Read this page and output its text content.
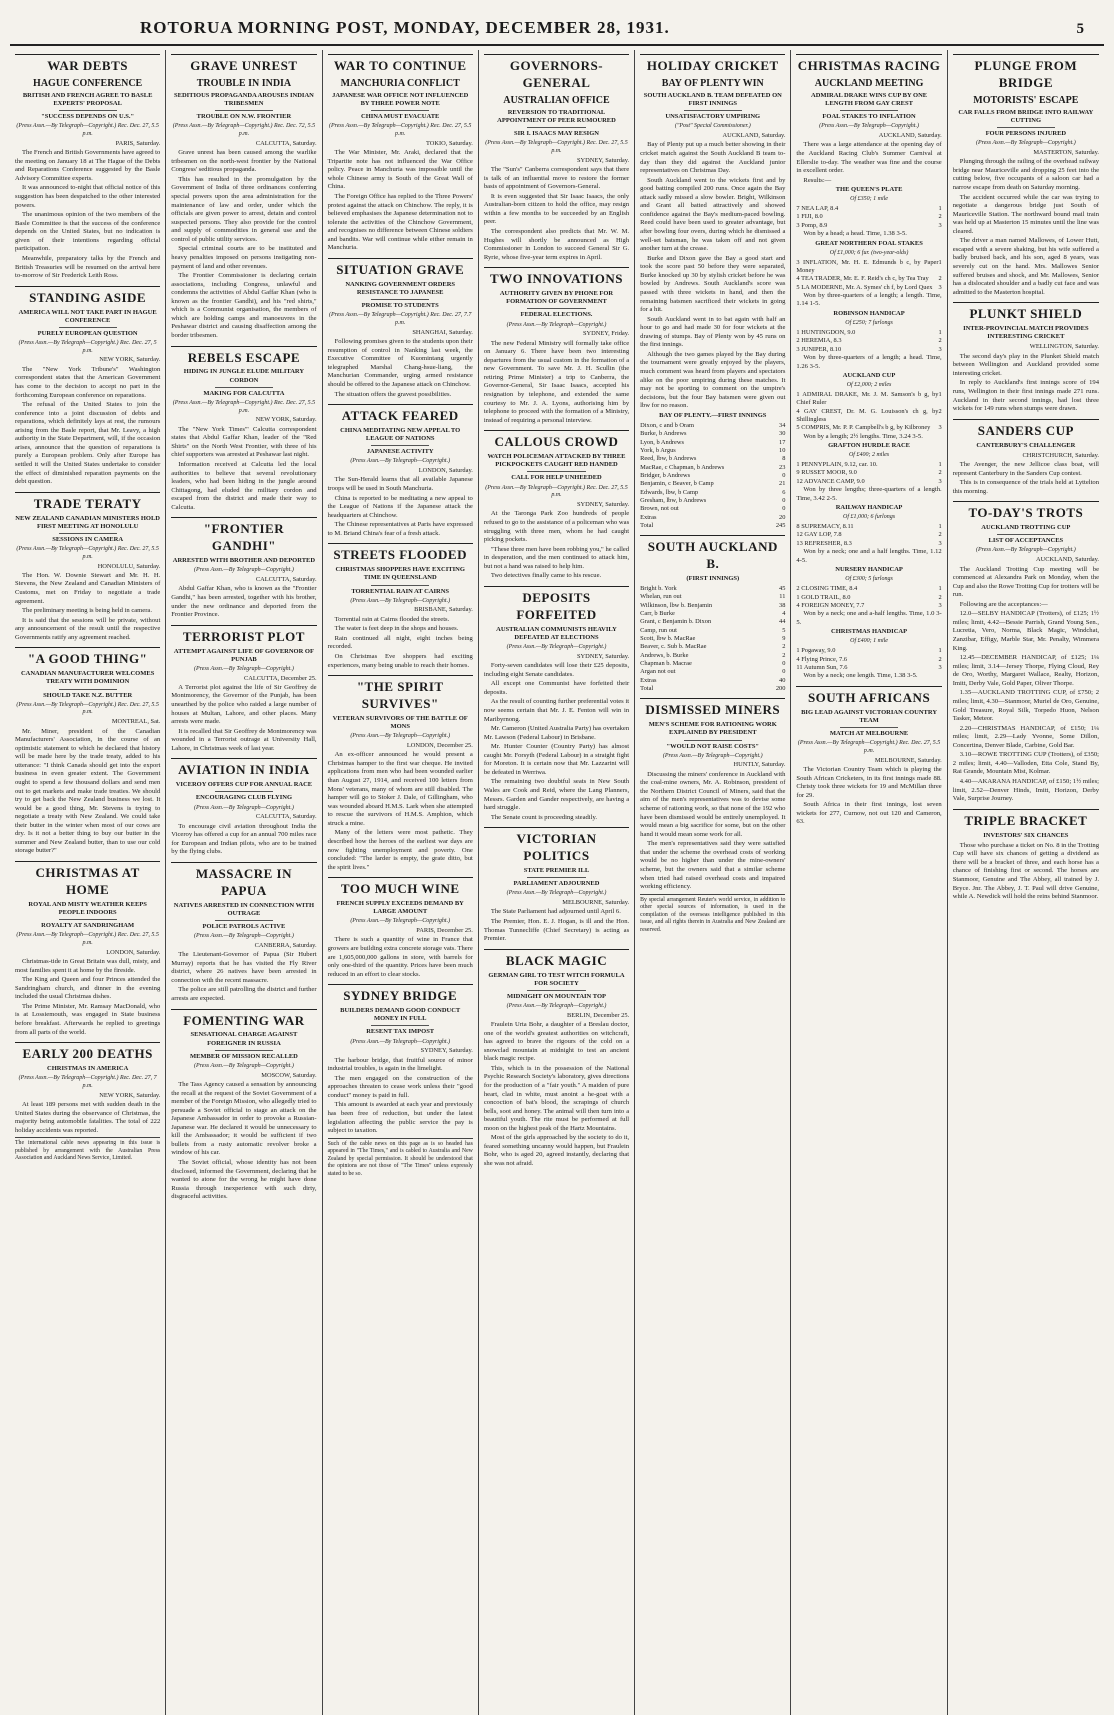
ROTORUA MORNING POST, MONDAY, DECEMBER 28, 1931.	5
WAR DEBTS
HAGUE CONFERENCE
BRITISH AND FRENCH AGREE TO BASLE EXPERTS' PROPOSAL
"SUCCESS DEPENDS ON U.S."
(Press Assn.—By Telegraph—Copyright.) Rec. Dec. 27, 5.5 p.m.
PARIS, Saturday.

The French and British Governments have agreed to the meeting on January 18 at The Hague of the Debts and Reparations Conference suggested by the Basle Advisory Committee experts.

It was announced to-night that official notice of this suggestion has been despatched to the other interested powers.

The unanimous opinion of the two members of the Basle Committee is that the success of the conference depends on the United States, but no indication is given of their intentions regarding official participation.

Meanwhile, preparatory talks by the French and British Treasuries will be resumed on the arrival here to-morrow of Sir Frederick Leith Ross.

STANDING ASIDE
AMERICA WILL NOT TAKE PART IN HAGUE CONFERENCE
PURELY EUROPEAN QUESTION
(Press Assn.—By Telegraph—Copyright.) Rec. Dec. 27, 5 p.m.
NEW YORK, Saturday.

The "New York Tribune's" Washington correspondent states that the American Government has come to the decision to accept no part in the forthcoming European conference on reparations.

The refusal of the United States to join the conference into a joint discussion of debts and reparations, which definitely lays at rest, the rumours arising from the Basle report, that Mr. Leavy, a high authority in the State Department, will, if the occasion arises, announce that the question of reparations is purely a European problem. Only after Europe has settled it will the United States undertake to consider the effect of diminished reparation payments on the debt question.

TRADE TERATY
NEW ZEALAND CANADIAN MINISTERS HOLD FIRST MEETING AT HONOLULU
SESSIONS IN CAMERA
(Press Assn.—By Telegraph—Copyright.) Rec. Dec. 27, 5.5 p.m.
HONOLULU, Saturday.

The Hon. W. Downie Stewart and Mr. H. H. Stevens, the New Zealand and Canadian Ministers of Customs, met on Friday to negotiate a trade agreement.

The preliminary meeting is being held in camera.

It is said that the sessions will be private, without any announcement of the result until the respective Governments ratify any agreement reached.

"A GOOD THING"
CANADIAN MANUFACTURER WELCOMES TREATY WITH DOMINION
SHOULD TAKE N.Z. BUTTER
(Press Assn.—By Telegraph—Copyright.) Rec. Dec. 27, 5.5 p.m.
MONTREAL, Sat.

Mr. Miner, president of the Canadian Manufacturers' Association, in the course of an optimistic statement to which he declared that history will be made here by the trade treaty, added to his utterance: "I think Canada should get into the export business in even greater extent. The Government ought to spend a few thousand dollars and send men out to get markets and make trade treaties. We should try to get back the New Zealand business we lost. It would be a good thing, Mr. Stevens is trying to negotiate a treaty with New Zealand. We could take their butter in the winter when most of our cows are dry. Is it not a better thing to buy our butter in the summer and New Zealand butter, than to use our cold storage butter?"

CHRISTMAS AT HOME
ROYAL AND MISTY WEATHER KEEPS PEOPLE INDOORS
ROYALTY AT SANDRINGHAM
(Press Assn.—By Telegraph—Copyright.) Rec. Dec. 27, 5.5 p.m.
LONDON, Saturday.

Christmas-tide in Great Britain was dull, misty, and most families spent it at home by the fireside.

The King and Queen and four Princes attended the Sandringham church, and dinner in the evening included the usual Christmas dishes.

The Prime Minister, Mr. Ramsay MacDonald, who is at Lossiemouth, was engaged in State business before breakfast. Afterwards he replied to greetings from all parts of the world.

EARLY 200 DEATHS
CHRISTMAS IN AMERICA
(Press Assn.—By Telegraph—Copyright.) Rec. Dec. 27, 7 p.m.
NEW YORK, Saturday.

At least 189 persons met with sudden death in the United States during the observance of Christmas, the majority being automobile fatalities. The total of 222 holiday accidents was reported.

The international cable news appearing in this issue is published by arrangement with the Australian Press Association and Auckland News Service, Limited.
GRAVE UNREST
TROUBLE IN INDIA
SEDITIOUS PROPAGANDA AROUSES INDIAN TRIBESMEN
TROUBLE ON N.W. FRONTIER
(Press Assn.—By Telegraph—Copyright.) Rec. Dec. 72, 5.5 p.m.
CALCUTTA, Saturday.

Grave unrest has been caused among the warlike tribesmen on the north-west frontier by the National Congress' seditious propaganda.

This has resulted in the promulgation by the Government of India of three ordinances conferring special powers upon the area administration for the maintenance of law and order, under which the officials are given power to arrest, detain and control suspected persons. They also provide for the control and supply of commodities in general use and the control of public utility services.

Special criminal courts are to be instituted and heavy penalties imposed on persons instigating non-payment of land and other revenues.

The Frontier Commissioner is declaring certain associations, including Congress, unlawful and condemns the activities of Abdul Gaffar Khan (who is known as the frontier Gandhi), and his "red shirts," which is a Communist organisation, the members of which are holding camps and manoeuvres in the Peshawar district and causing disaffection among the border tribesmen.

REBELS ESCAPE
HIDING IN JUNGLE ELUDE MILITARY CORDON
MAKING FOR CALCUTTA
(Press Assn.—By Telegraph—Copyright.) Rec. Dec. 27, 5.5 p.m.
NEW YORK, Saturday.

The "New York Times'" Calcutta correspondent states that Abdul Gaffar Khan, leader of the "Red Shirts" on the North West Frontier, with three of his chief supporters was arrested at Peshawar last night.

Information received at Calcutta led the local authorities to believe that several revolutionary leaders, who had been hiding in the jungle around Chittagong, had eluded the military cordon and escaped from the district and made their way to Calcutta.

"FRONTIER GANDHI"
ARRESTED WITH BROTHER AND DEPORTED
(Press Assn.—By Telegraph—Copyright.)
CALCUTTA, Saturday.

Abdul Gaffar Khan, who is known as the "Frontier Gandhi," has been arrested, together with his brother, under the new ordinance and deported from the Frontier Province.

TERRORIST PLOT
ATTEMPT AGAINST LIFE OF GOVERNOR OF PUNJAB
(Press Assn.—By Telegraph—Copyright.)
CALCUTTA, December 25.

A Terrorist plot against the life of Sir Geoffrey de Montmorency, the Governor of the Punjab, has been unearthed by the police who raided a large number of houses at Multan, Lahore, and other places. Many arrests were made.

It is recalled that Sir Geoffrey de Montmorency was wounded in a Terrorist outrage at University Hall, Lahore, in Christmas week of last year.

AVIATION IN INDIA
VICEROY OFFERS CUP FOR ANNUAL RACE
ENCOURAGING CLUB FLYING
(Press Assn.—By Telegraph—Copyright.)
CALCUTTA, Saturday.

To encourage civil aviation throughout India the Viceroy has offered a cup for an annual 700 miles race for European and Indian pilots, who are to be trained by the flying clubs.

MASSACRE IN PAPUA
NATIVES ARRESTED IN CONNECTION WITH OUTRAGE
POLICE PATROLS ACTIVE
(Press Assn.—By Telegraph—Copyright.)
CANBERRA, Saturday.

The Lieutenant-Governor of Papua (Sir Hubert Murray) reports that he has visited the Fly River district, where 26 natives have been arrested in connection with the recent massacre.

The police are still patrolling the district and further arrests are expected.

FOMENTING WAR
SENSATIONAL CHARGE AGAINST FOREIGNER IN RUSSIA
MEMBER OF MISSION RECALLED
(Press Assn.—By Telegraph—Copyright.)
MOSCOW, Saturday.

The Tass Agency caused a sensation by announcing the recall at the request of the Soviet Government of a member of the Foreign Mission, who allegedly tried to persuade a Soviet official to stage an attack on the Japanese Ambassador in order to provoke a Russian-Japanese war. He declared it would be unnecessary to kill the Ambassador; it would be sufficient if two bullets from a rusty automatic revolver broke a window of his car.

The Soviet official, whose identity has not been disclosed, informed the Government, declaring that he wanted to atone for the wrong he might have done Russia through inexperience with such dirty, disgraceful activities.

WAR TO CONTINUE
MANCHURIA CONFLICT
JAPANESE WAR OFFICE NOT INFLUENCED BY THREE POWER NOTE
CHINA MUST EVACUATE
(Press Assn.—By Telegraph—Copyright.) Rec. Dec. 27, 5.5 p.m.
TOKIO, Saturday.

The War Minister, Mr. Araki, declared that the Tripartite note has not influenced the War Office policy. Peace in Manchuria was impossible until the whole Chinese army is South of the Great Wall of China.

The Foreign Office has replied to the Three Powers' protest against the attack on Chinchow. The reply, it is believed emphasises the Japanese determination not to tolerate the activities of the Chinchow Government, and recognises no difference between Chinese soldiers and bandits. War will continue while either remain in Manchuria.

SITUATION GRAVE
NANKING GOVERNMENT ORDERS RESISTANCE TO JAPANESE
PROMISE TO STUDENTS
(Press Assn.—By Telegraph—Copyright.) Rec. Dec. 27, 7.7 p.m.
SHANGHAI, Saturday.

Following promises given to the students upon their resumption of control in Nanking last week, the Executive Committee of Kuomintang urgently telegraphed Marshal Chang-hsue-liang, the Manchurian Commander, urging armed resistance should be offered to the Japanese attack on Chinchow.

The situation offers the gravest possibilities.

ATTACK FEARED
CHINA MEDITATING NEW APPEAL TO LEAGUE OF NATIONS
JAPANESE ACTIVITY
(Press Assn.—By Telegraph—Copyright.)
LONDON, Saturday.

The Sun-Herald learns that all available Japanese troops will be used in South Manchuria.

China is reported to be meditating a new appeal to the League of Nations if the Japanese attack the headquarters at Chinchow.

The Chinese representatives at Paris have expressed to M. Briand China's fear of a fresh attack.

STREETS FLOODED
CHRISTMAS SHOPPERS HAVE EXCITING TIME IN QUEENSLAND
TORRENTIAL RAIN AT CAIRNS
(Press Assn.—By Telegraph—Copyright.)
BRISBANE, Saturday.

Torrential rain at Cairns flooded the streets.

The water is feet deep in the shops and houses.

Rain continued all night, eight inches being recorded.

On Christmas Eve shoppers had exciting experiences, many being unable to reach their homes.

"THE SPIRIT SURVIVES"
VETERAN SURVIVORS OF THE BATTLE OF MONS
(Press Assn.—By Telegraph—Copyright.)
LONDON, December 25.

An ex-officer announced he would present a Christmas hamper to the first war cheque. He invited applications from men who had been wounded earlier than August 27, 1914, and received 100 letters from Mons' veterans, many of whom are still disabled. The hamper will go to Stoker J. Dale, of Gillingham, who was wounded aboard H.M.S. Lark when she attempted to rescue the survivors of H.M.S. Amphion, which struck a mine.

Many of the letters were most pathetic. They described how the heroes of the earliest war days are now fighting unemployment and poverty. One concluded: "The larder is empty, the grate ditto, but the spirit lives."

TOO MUCH WINE
FRENCH SUPPLY EXCEEDS DEMAND BY LARGE AMOUNT
(Press Assn.—By Telegraph—Copyright.)
PARIS, December 25.

There is such a quantity of wine in France that growers are building extra concrete storage vats. There are 1,605,000,000 gallons in store, with barrels for only one-third of the quantity. Prices have been much reduced in an effort to clear stocks.

SYDNEY BRIDGE
BUILDERS DEMAND GOOD CONDUCT MONEY IN FULL
RESENT TAX IMPOST
(Press Assn.—By Telegraph—Copyright.)
SYDNEY, Saturday.

The harbour bridge, that fruitful source of minor industrial troubles, is again in the limelight.

The men engaged on the construction of the approaches threaten to cease work unless their "good conduct" money is paid in full.

This amount is awarded at each year and previously has been free of reduction, but under the latest legislation affecting the public service the pay is subject to taxation.

Such of the cable news on this page as is so headed has appeared in "The Times," and is cabled to Australia and New Zealand by special permission. It should be understood that the opinions are not those of "The Times" unless expressly stated to be so.
GOVERNORS-GENERAL
AUSTRALIAN OFFICE
REVERSION TO TRADITIONAL APPOINTMENT OF PEER RUMOURED
SIR I. ISAACS MAY RESIGN
(Press Assn.—By Telegraph—Copyright.) Rec. Dec. 27, 5.5 p.m.
SYDNEY, Saturday.

The "Sun's" Canberra correspondent says that there is talk of an influential move to restore the former basis of appointment of Governors-General.

It is even suggested that Sir Isaac Isaacs, the only Australian-born citizen to hold the office, may resign within a few months to be succeeded by an English peer.

The correspondent also predicts that Mr. W. M. Hughes will shortly be announced as High Commissioner in London to succeed General Sir G. Ryrie, whose five-year term expires in April.

TWO INNOVATIONS
AUTHORITY GIVEN BY PHONE FOR FORMATION OF GOVERNMENT
FEDERAL ELECTIONS.
(Press Assn.—By Telegraph—Copyright.)
SYDNEY, Friday.

The new Federal Ministry will formally take office on January 6. There have been two interesting departures from the usual custom in the formation of a new Government. To save Mr. J. H. Scullin (the retiring Prime Minister) a trip to Canberra, the Governor-General, Sir Isaac Isaacs, accepted his resignation by telephone, and extended the same courtesy to Mr. J. A. Lyons, authorising him by telephone to proceed with the formation of a Ministry, instead of requiring a personal interview.

CALLOUS CROWD
WATCH POLICEMAN ATTACKED BY THREE PICKPOCKETS CAUGHT RED HANDED
CALL FOR HELP UNHEEDED
(Press Assn.—By Telegraph—Copyright.) Rec. Dec. 27, 5.5 p.m.
SYDNEY, Saturday.

At the Taronga Park Zoo hundreds of people refused to go to the assistance of a policeman who was struggling with three men, whom he had caught picking pockets.

"These three men have been robbing you," he called in desperation, and the men continued to attack him, but not a hand was raised to help him.

Two detectives finally came to his rescue.

DEPOSITS FORFEITED
AUSTRALIAN COMMUNISTS HEAVILY DEFEATED AT ELECTIONS
(Press Assn.—By Telegraph—Copyright.)
SYDNEY, Saturday.

Forty-seven candidates will lose their £25 deposits, including eight Senate candidates.

All except one Communist have forfeited their deposits.

As the result of counting further preferential votes it now seems certain that Mr. J. E. Fenton will win in Maribyrnong.

Mr. Cameron (United Australia Party) has overtaken Mr. Lawson (Federal Labour) in Brisbane.

Mr. Hunter Counter (Country Party) has almost caught Mr. Forsyth (Federal Labour) in a straight fight for Moreton. It is certain now that Mr. Lazzarini will be defeated in Werriwa.

The remaining two doubtful seats in New South Wales are Cook and Reid, where the Lang Planners, Messrs. Garden and Gander respectively, are having a hard struggle.

The Senate count is proceeding steadily.

VICTORIAN POLITICS
STATE PREMIER ILL
PARLIAMENT ADJOURNED
(Press Assn.—By Telegraph—Copyright.)
MELBOURNE, Saturday.

The State Parliament had adjourned until April 6.

The Premier, Hon. E. J. Hogan, is ill and the Hon. Thomas Tunnecliffe (Chief Secretary) is acting as Premier.

BLACK MAGIC
GERMAN GIRL TO TEST WITCH FORMULA FOR SOCIETY
MIDNIGHT ON MOUNTAIN TOP
(Press Assn.—By Telegraph—Copyright.)
BERLIN, December 25.

Fraulein Urta Bohr, a daughter of a Breslau doctor, one of the world's greatest authorities on witchcraft, has agreed to brave the rigours of the cold on a snowclad mountain at midnight to test an ancient black magic recipe.

This, which is in the possession of the National Psychic Research Society's laboratory, gives directions for the production of a "fair youth." A maiden of pure heart, clad in white, must anoint a he-goat with a concoction of bat's blood, the scrapings of church bells, soot and honey. The animal will then turn into a beautiful youth. The rite must be performed at full moon on the highest peak of the Hartz Mountains.

Most of the girls approached by the society to do it, feared something uncanny would happen, but Fraulein Bohr, who is aged 20, agreed instantly, declaring that she was not afraid.

HOLIDAY CRICKET
BAY OF PLENTY WIN
SOUTH AUCKLAND B. TEAM DEFEATED ON FIRST INNINGS
UNSATISFACTORY UMPIRING
("Post" Special Commissioner.)
AUCKLAND, Saturday.

Bay of Plenty put up a much better showing in their cricket match against the South Auckland B team to-day than they did against the Auckland junior representatives on Christmas Day.

South Auckland went to the wickets first and by good batting compiled 200 runs. Once again the Bay attack sadly missed a slow bowler. Bright, Wilkinson and Grant all batted attractively and showed confidence against the Bay's medium-paced bowling. Reed could have been used to greater advantage, but after bowling four overs, during which he dismissed a well-set batsman, he was taken off and not given another turn at the crease.

Burke and Dixon gave the Bay a good start and took the score past 50 before they were separated, Burke knocked up 30 by stylish cricket before he was bowled by Andrews. South Auckland's score was passed with three wickets in hand, and then the remaining batsmen sacrificed their wickets in going for a hit.

South Auckland went in to bat again with half an hour to go and had made 30 for four wickets at the drawing of stumps. Bay of Plenty won by 45 runs on the first innings.

Although the two games played by the Bay during the tournament were greatly enjoyed by the players, much comment was heard from players and spectators alike on the poor umpiring during these matches. It may not be sporting to comment on the umpire's decisions, but the four Bay batsmen were given out lbw for no reason.

BAY OF PLENTY.—FIRST INNINGS
Dixon, c and b Oram	34
Burke, b Andrews	30
Lyon, b Andrews	17
York, b Argus	10
Reed, lbw, b Andrews	8
MacRae, c Chapman, b Andrews	23
Bridger, b Andrews	0
Benjamin, c Beaver, b Camp	21
Edwards, lbw, b Camp	6
Gresham, lbw, b Andrews	0
Brown, not out	0
Extras	20
Total	245
SOUTH AUCKLAND B.
(FIRST INNINGS)
Bright b. York	45
Whelan, run out	11
Wilkinson, lbw b. Benjamin	38
Carr, b Burke	4
Grant, c Benjamin b. Dixon	44
Camp, run out	5
Scott, lbw b. MacRae	9
Beaver, c. Sub b. MacRae	2
Andrews, b. Burke	2
Chapman b. Macrae	0
Argan not out	0
Extras	40
Total	200
DISMISSED MINERS
MEN'S SCHEME FOR RATIONING WORK EXPLAINED BY PRESIDENT
"WOULD NOT RAISE COSTS"
(Press Assn.—By Telegraph—Copyright.)
HUNTLY, Saturday.

Discussing the miners' conference in Auckland with the coal-mine owners, Mr. A. Robinson, president of the Northern District Council of Miners, said that the aim of the men's representatives was to devise some scheme of rationing work, so that none of the 192 who have been dismissed would be entirely unemployed. It would mean a big sacrifice for some, but on the other hand it would mean some work for all.

The men's representatives said they were satisfied that under the scheme the overhead costs of working would be no higher than under the mine-owners' scheme, but the owners said that a similar scheme when tried had raised overhead costs and impaired working efficiency.

By special arrangement Reuter's world service, in addition to other special sources of information, is used in the compilation of the overseas intelligence published in this issue, and all rights therein in Australia and New Zealand are reserved.
CHRISTMAS RACING
AUCKLAND MEETING
ADMIRAL DRAKE WINS CUP BY ONE LENGTH FROM GAY CREST
FOAL STAKES TO INFLATION
(Press Assn.—By Telegraph—Copyright.)
AUCKLAND, Saturday.

There was a large attendance at the opening day of the Auckland Racing Club's Summer Carnival at Ellerslie to-day. The weather was fine and the course in excellent order.

Results:—

THE QUEEN'S PLATE
Of £350; 1 mile
7 NEA LAP, 8.4	1
1 FIJI, 8.0	2
3 Pomp, 8.9	3

Won by a head; a head. Time, 1.38 3-5.

GREAT NORTHERN FOAL STAKES
Of £1,000; 6 fur. (two-year-olds)
3 INFLATION, Mr. H. E. Edmunds b c, by Paper Money
1
4 TEA TRADER, Mr. E. F. Reid's ch c, by Tea Tray 2
5 LA MODERNE, Mr. A. Symes' ch f, by Lord Quex 3

Won by three-quarters of a length; a length. Time, 1.14 1-5.

ROBINSON HANDICAP
Of £250; 7 furlongs
1 HUNTINGDON, 9.0	1
2 HEREMIA, 8.3	2
3 JUNIPER, 8.10	3

Won by three-quarters of a length; a head. Time, 1.26 3-5.

AUCKLAND CUP
Of £2,000; 2 miles
1 ADMIRAL DRAKE, Mr. J. M. Samson's b g, by Chief Ruler
1
4 GAY CREST, Dr. M. G. Louisson's ch g, by Shillingless
2
5 COMPRIS, Mr. P. P. Campbell's b g, by Kilbroney 3

Won by a length; 2½ lengths. Time, 3.24 3-5.

GRAFTON HURDLE RACE
Of £400; 2 miles
1 PENNYPLAIN, 9.12, car. 10.	1
9 RUSSET MOOR, 9.0	2
12 ADVANCE CAMP, 9.0	3

Won by three lengths; three-quarters of a length. Time, 3.42 2-5.

RAILWAY HANDICAP
Of £1,000; 6 furlongs
8 SUPREMACY, 8.11	1
12 GAY LOP, 7.8	2
13 REFRESHER, 8.3	3

Won by a neck; one and a half lengths. Time, 1.12 4-5.

NURSERY HANDICAP
Of £300; 5 furlongs
2 CLOSING TIME, 8.4	1
1 GOLD TRAIL, 8.0	2
4 FOREIGN MONEY, 7.7	3

Won by a neck; one and a-half lengths. Time, 1.0 3-5.

CHRISTMAS HANDICAP
Of £400; 1 mile
1 Pogaway, 9.0	1
4 Flying Prince, 7.6	2
11 Autumn Sun, 7.6	3

Won by a neck; one length. Time, 1.38 3-5.

SOUTH AFRICANS
BIG LEAD AGAINST VICTORIAN COUNTRY TEAM
MATCH AT MELBOURNE
(Press Assn.—By Telegraph—Copyright.) Rec. Dec. 27, 5.5 p.m.
MELBOURNE, Saturday.

The Victorian Country Team which is playing the South African Cricketers, in its first innings made 88. Christy took three wickets for 19 and McMillan three for 29.

South Africa in their first innings, lost seven wickets for 277, Curnow, not out 120 and Cameron, 63.

PLUNGE FROM BRIDGE
MOTORISTS' ESCAPE
CAR FALLS FROM BRIDGE INTO RAILWAY CUTTING
FOUR PERSONS INJURED
(Press Assn.—By Telegraph—Copyright.)
MASTERTON, Saturday.

Plunging through the railing of the overhead railway bridge near Mauriceville and dropping 25 feet into the cutting below, five occupants of a saloon car had a narrow escape from death on Saturday morning.

The accident occurred while the car was trying to negotiate a dangerous bridge just South of Mauriceville Station. The northward bound mail train was held up at Masterton 15 minutes until the line was cleared.

The driver a man named Mallowes, of Lower Hutt, escaped with a severe shaking, but his wife suffered a badly bruised back, and his son, aged 8 years, was severely cut on the hand. Mrs. Mallowes Senior suffered bruises and shock, and Mr. Mallowes, Senior has a dislocated shoulder and a badly cut face and was admitted to the Masterton hospital.

PLUNKT SHIELD
INTER-PROVINCIAL MATCH PROVIDES INTERESTING CRICKET
WELLINGTON, Saturday.

The second day's play in the Plunket Shield match between Wellington and Auckland provided some interesting cricket.

In reply to Auckland's first innings score of 194 runs, Wellington in their first innings made 271 runs. Auckland in their second innings, had lost three wickets for 149 runs when stumps were drawn.

SANDERS CUP
CANTERBURY'S CHALLENGER
CHRISTCHURCH, Saturday.

The Avenger, the new Jellicoe class boat, will represent Canterbury in the Sanders Cup contest.

This is in consequence of the trials held at Lyttelton this morning.

TO-DAY'S TROTS
AUCKLAND TROTTING CUP
LIST OF ACCEPTANCES
(Press Assn.—By Telegraph—Copyright.)
AUCKLAND, Saturday.

The Auckland Trotting Cup meeting will be commenced at Alexandra Park on Monday, when the Cup and also the Rowe Trotting Cup for trotters will be run.

Following are the acceptances:—

12.0—SELBY HANDICAP (Trotters), of £125; 1½ miles; limit, 4.42—Bessie Parrish, Grand Young Sen., Lucretia, Vero, Norma, Black Magic, Windchat, Zanzibar, Effigy, Marble Star, Mr. Penalty, Wimmera King.

12.45—DECEMBER HANDICAP, of £125; 1¼ miles; limit, 3.14—Jersey Thorpe, Flying Cloud, Rey de Oro, Worthy, Margaret Wallace, Realty, Horizon, Imitt, Derby Vale, Gold Paper, Oliver Thorpe.

1.35—AUCKLAND TROTTING CUP, of £750; 2 miles; limit, 4.30—Stanmoor, Muriel de Oro, Genuine, Gold Treasure, Royal Silk, Torpedo Huon, Nelson Tasker, Meteor.

2.20—CHRISTMAS HANDICAP, of £150; 1¼ miles; limit, 2.29—Lady Yvonne, Some Dillon, Concertina, Denver Blade, Carbine, Gold Bar.

3.10—ROWE TROTTING CUP (Trotters), of £350; 2 miles; limit, 4.40—Valloden, Etta Cole, Stand By, Rai Grande, Mountain Mist, Kolmar.

4.40—AKARANA HANDICAP, of £150; 1½ miles; limit, 2.52—Denver Hinds, Imitt, Horizon, Derby Vale, Surprise Journey.

TRIPLE BRACKET
INVESTORS' SIX CHANCES

Those who purchase a ticket on No. 8 in the Trotting Cup will have six chances of getting a dividend as there will be a bracket of three, and each horse has a chance of finishing first or second. The horses are Stanmoor, Genuine and The Abbey, all trained by J. Bryce. Jnr. The Abbey, J. T. Paul will drive Genuine, while A. Newdick will hold the reins behind Stanmoor.
